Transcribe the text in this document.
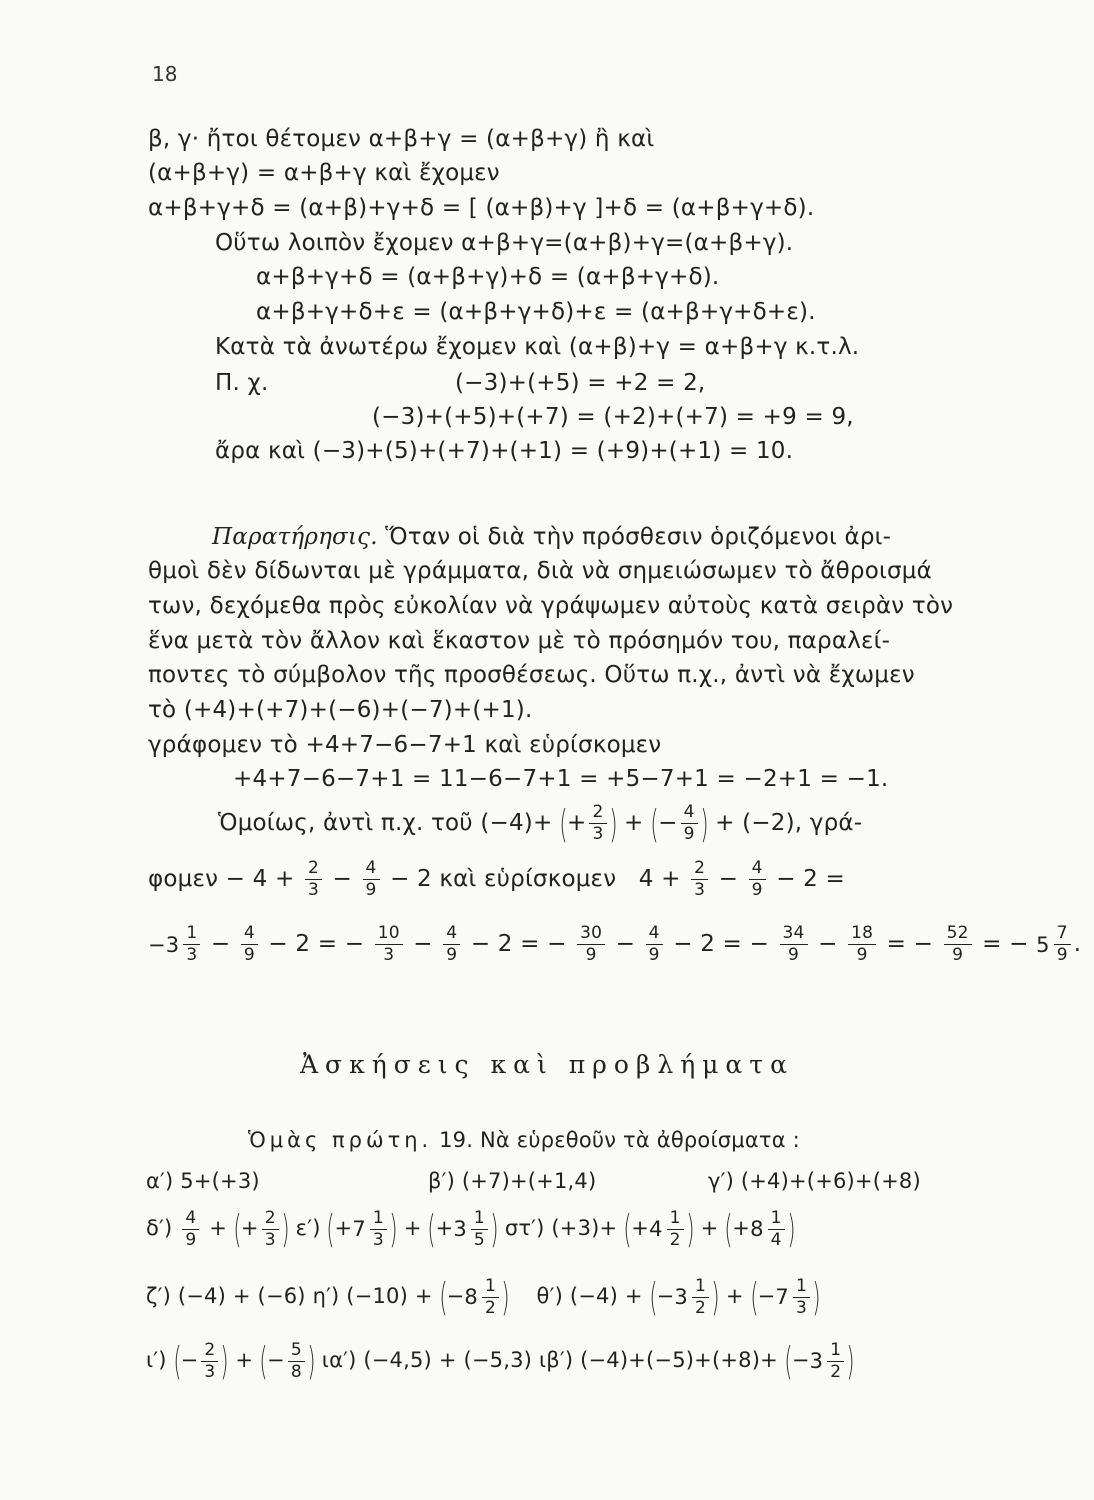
18
β, γ· ἤτοι θέτομεν α+β+γ = (α+β+γ) ἢ καὶ
(α+β+γ) = α+β+γ καὶ ἔχομεν
α+β+γ+δ = (α+β)+γ+δ = [ (α+β)+γ ]+δ = (α+β+γ+δ).
Οὕτω λοιπὸν ἔχομεν α+β+γ=(α+β)+γ=(α+β+γ).
α+β+γ+δ = (α+β+γ)+δ = (α+β+γ+δ).
α+β+γ+δ+ε = (α+β+γ+δ)+ε = (α+β+γ+δ+ε).
Κατὰ τὰ ἀνωτέρω ἔχομεν καὶ (α+β)+γ = α+β+γ κ.τ.λ.
Π. χ.	(−3)+(+5) = +2 = 2,
(−3)+(+5)+(+7) = (+2)+(+7) = +9 = 9,
ἄρα καὶ (−3)+(5)+(+7)+(+1) = (+9)+(+1) = 10.
Παρατήρησις. Ὅταν οἱ διὰ τὴν πρόσθεσιν ὁριζόμενοι ἀρι-
θμοὶ δὲν δίδωνται μὲ γράμματα, διὰ νὰ σημειώσωμεν τὸ ἄθροισμά
των, δεχόμεθα πρὸς εὐκολίαν νὰ γράψωμεν αὐτοὺς κατὰ σειρὰν τὸν
ἕνα μετὰ τὸν ἄλλον καὶ ἕκαστον μὲ τὸ πρόσημόν του, παραλεί-
ποντες τὸ σύμβολον τῆς προσθέσεως. Οὕτω π.χ., ἀντὶ νὰ ἔχωμεν
τὸ (+4)+(+7)+(−6)+(−7)+(+1).
γράφομεν τὸ +4+7−6−7+1 καὶ εὑρίσκομεν
+4+7−6−7+1 = 11−6−7+1 = +5−7+1 = −2+1 = −1.
Ὁμοίως, ἀντὶ π.χ. τοῦ (−4)+ (+ $\frac{2}{3}$ ) + (− $\frac{4}{9}$ ) + (−2), γρά-
$\varphi o\mu\varepsilon\nu - 4 + \frac{2}{3} - \frac{4}{9} - 2$ καὶ εὑρίσκομεν   $4 + \frac{2}{3} - \frac{4}{9} - 2$ =
−3 1
$3 - \frac{4}{9} - 2$ = − $\frac{10}{3} - \frac{4}{9} - 2$ = − $\frac{30}{9} - \frac{4}{9} - 2$ = − $\frac{34}{9} - \frac{18}{9}$ = − $\frac{52}{9}$ = − 5 7
9 .
Ἀσκήσεις καὶ προβλήματα
Ὁμὰς πρώτη. 19. Νὰ εὑρεθοῦν τὰ ἀθροίσματα :
α′) 5+(+3)	β′) (+7)+(+1,4)	γ′) (+4)+(+6)+(+8)
$\delta') \frac{4}{9}$ + (+ $\frac{2}{3}$ ) ε′) (+ 7 1
3 ) + (+ 3 1
5 ) στ′) (+3)+ (+ 4 1
2 ) + (+ 8 1
4 )
ζ′) (−4) + (−6) η′) (−10) + (− 8 1
2 ) θ′) (−4) + (− 3 1
2 ) + (− 7 1
3 )
ι′) (− $\frac{2}{3}$ ) + (− $\frac{5}{8}$ ) ια′) (−4,5) + (−5,3) ιβ′) (−4)+(−5)+(+8)+ (− 3 1
2 )
